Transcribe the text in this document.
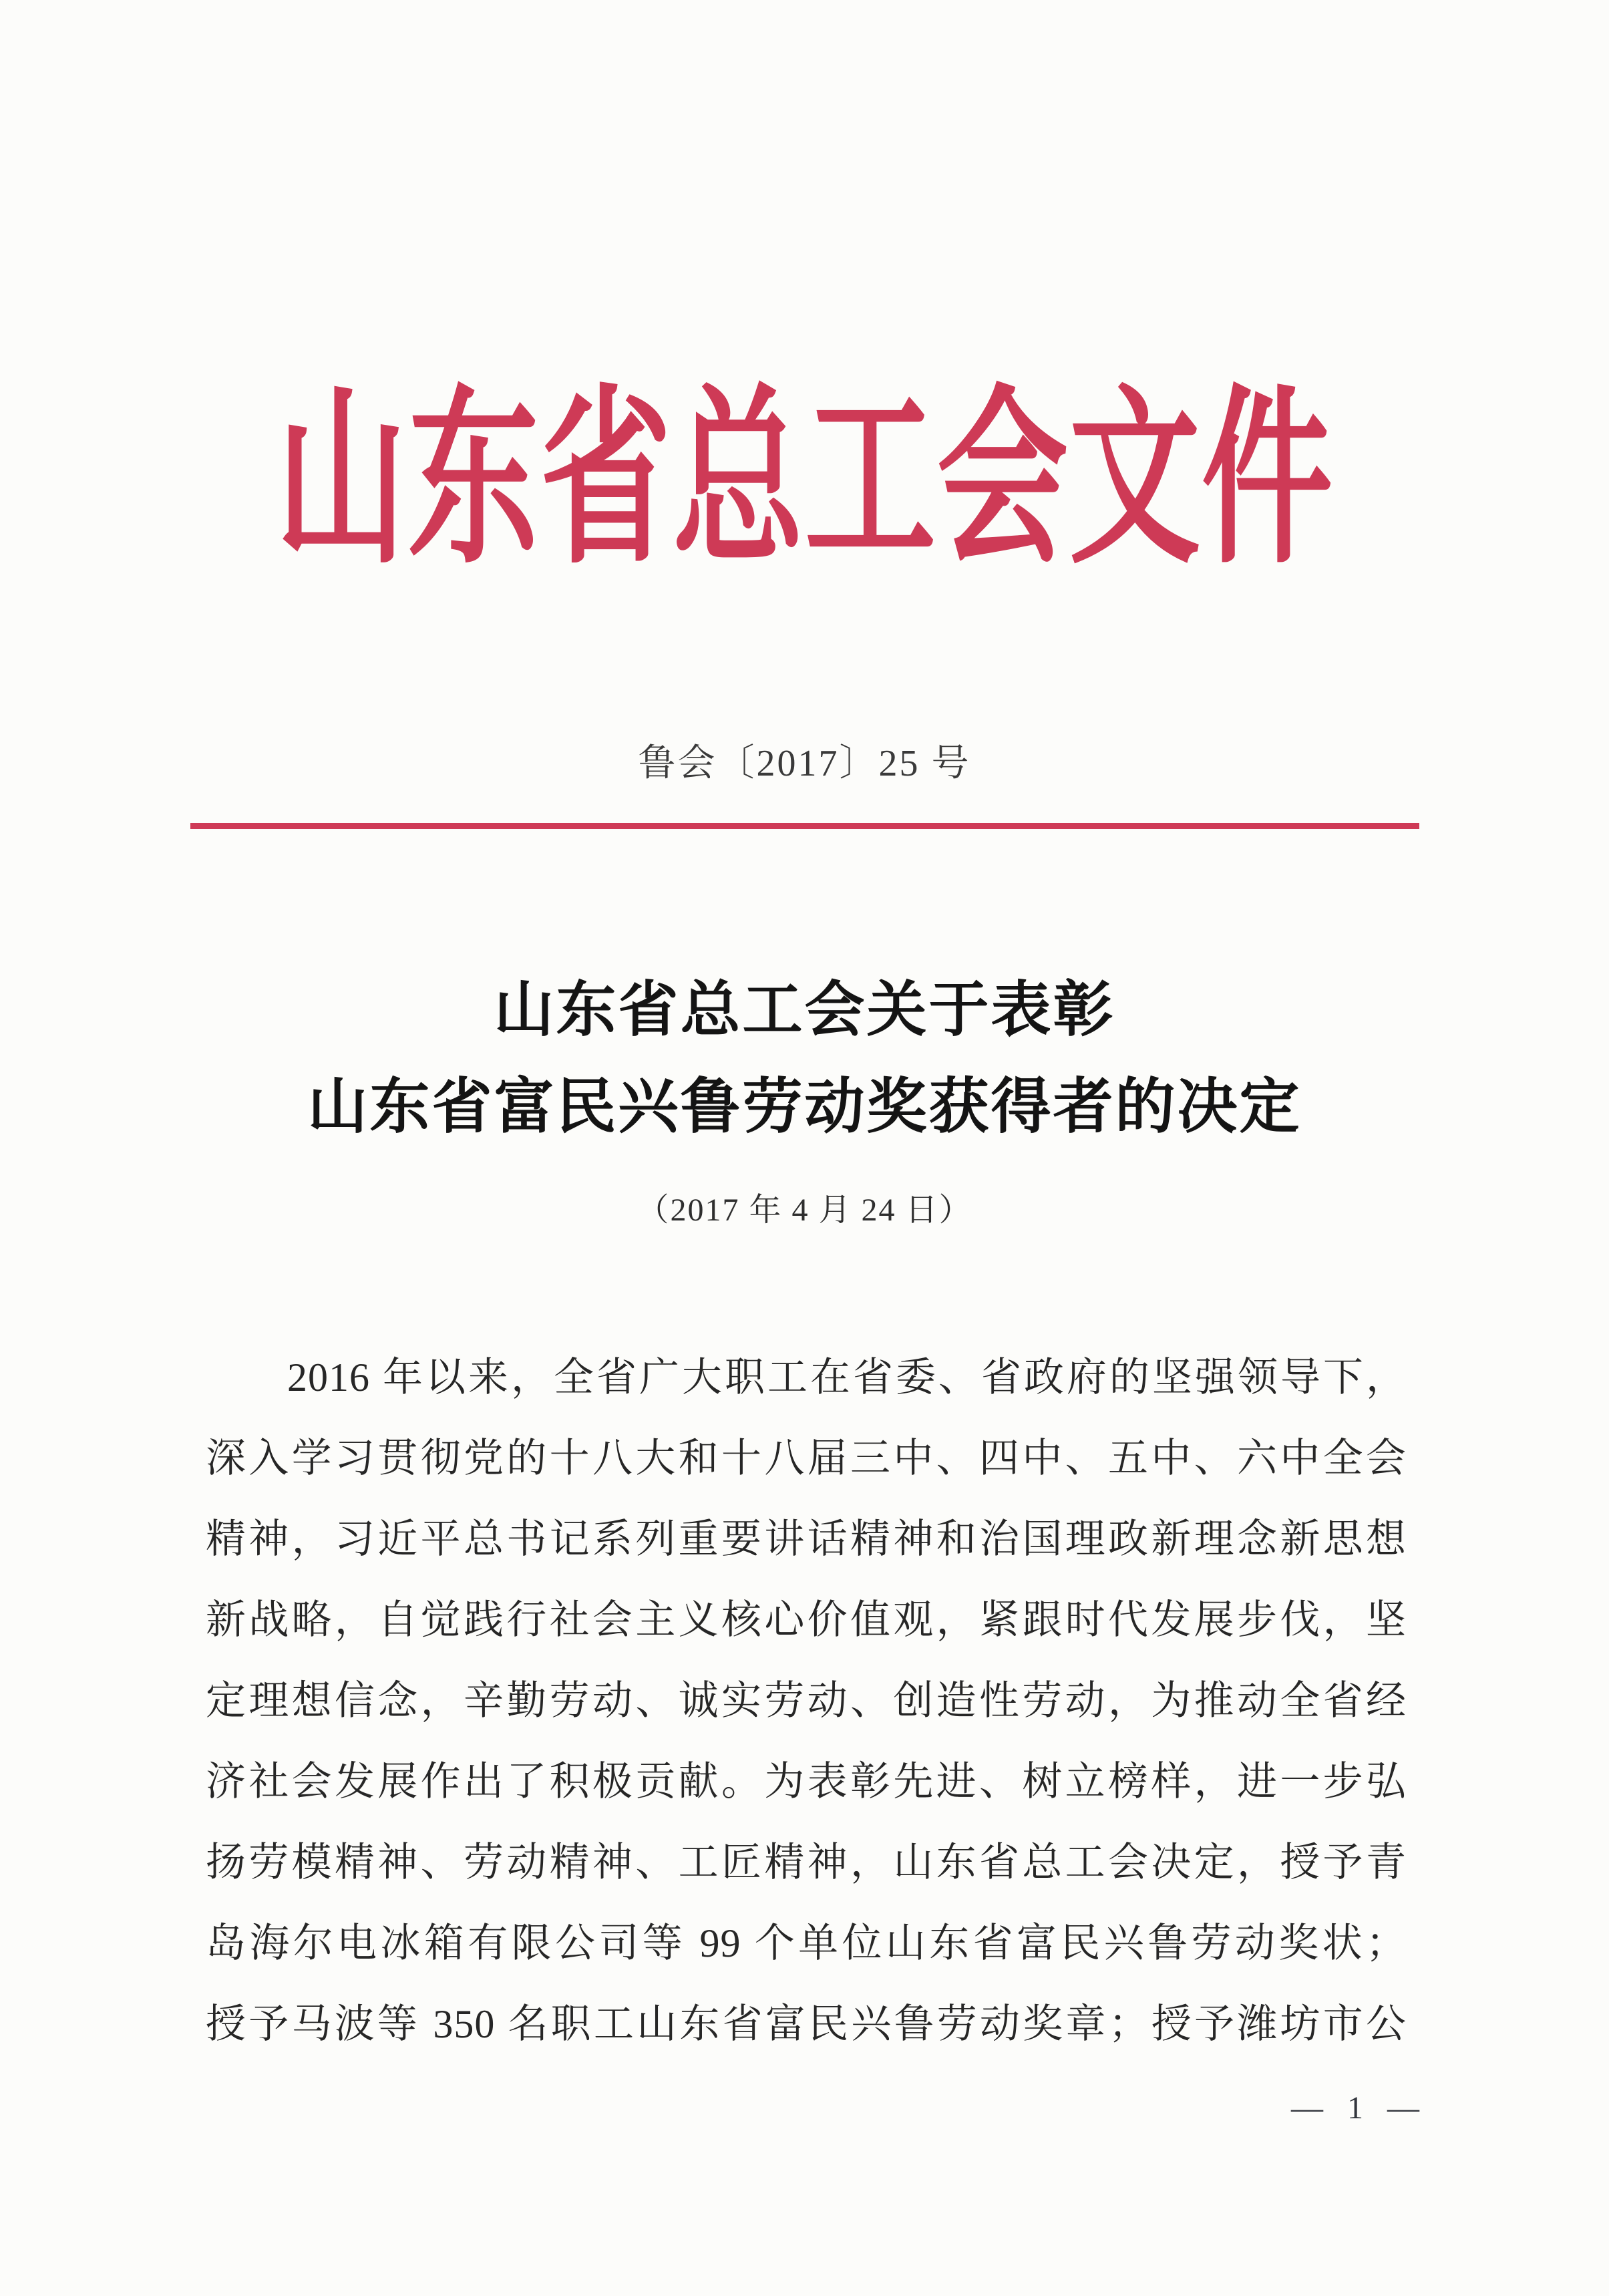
山东省总工会文件
鲁会〔2017〕25 号
山东省总工会关于表彰
山东省富民兴鲁劳动奖获得者的决定
（2017 年 4 月 24 日）
2016 年以来，全省广大职工在省委、省政府的坚强领导下，
深入学习贯彻党的十八大和十八届三中、四中、五中、六中全会
精神，习近平总书记系列重要讲话精神和治国理政新理念新思想
新战略，自觉践行社会主义核心价值观，紧跟时代发展步伐，坚
定理想信念，辛勤劳动、诚实劳动、创造性劳动，为推动全省经
济社会发展作出了积极贡献。为表彰先进、树立榜样，进一步弘
扬劳模精神、劳动精神、工匠精神，山东省总工会决定，授予青
岛海尔电冰箱有限公司等 99 个单位山东省富民兴鲁劳动奖状；
授予马波等 350 名职工山东省富民兴鲁劳动奖章；授予潍坊市公
— 1 —
